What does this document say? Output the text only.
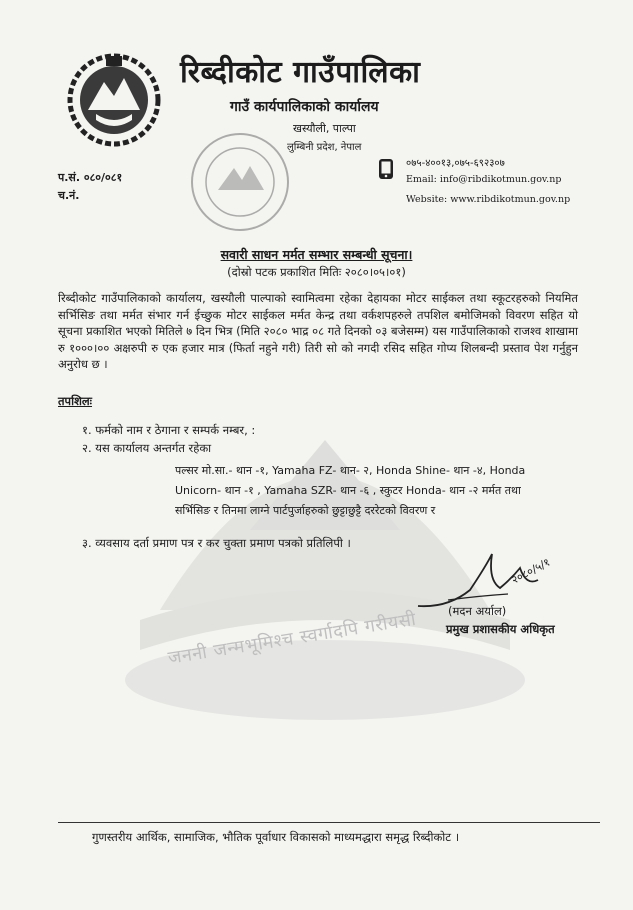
रिब्दीकोट गाउँपालिका
गाउँ कार्यपालिकाको कार्यालय
खस्यौली, पाल्पा
लुम्बिनी प्रदेश, नेपाल
०७५-४००१३,०७५-६९२३०७
Email: info@ribdikotmun.gov.np
Website: www.ribdikotmun.gov.np
प.सं. ०८०/०८१
च.नं.
सवारी साधन मर्मत सम्भार सम्बन्धी सूचना।
(दोस्रो पटक प्रकाशित मितिः २०८०।०५।०१)
रिब्दीकोट गाउँपालिकाको कार्यालय, खस्यौली पाल्पाको स्वामित्वमा रहेका देहायका मोटर साईकल तथा स्कूटरहरुको नियमित सर्भिसिङ तथा मर्मत संभार गर्न ईच्छुक मोटर साईकल मर्मत केन्द्र तथा वर्कशपहरुले तपशिल बमोजिमको विवरण सहित यो सूचना प्रकाशित भएको मितिले ७ दिन भित्र (मिति २०८० भाद्र ०८ गते दिनको ०३ बजेसम्म) यस गाउँपालिकाको राजश्व शाखामा रु १०००।०० अक्षरुपी रु एक हजार मात्र (फिर्ता नहुने गरी) तिरी सो को नगदी रसिद सहित गोप्य शिलबन्दी प्रस्ताव पेश गर्नुहुन अनुरोध छ ।
तपशिलः
१. फर्मको नाम र ठेगाना र सम्पर्क नम्बर, :
२. यस कार्यालय अन्तर्गत रहेका
पल्सर मो.सा.- थान -१, Yamaha FZ- थान- २, Honda Shine- थान -४, Honda Unicorn- थान -१ , Yamaha SZR- थान -६ , स्कुटर Honda- थान -२ मर्मत तथा सर्भिसिङ र तिनमा लाग्ने पार्टपुर्जाहरुको छुट्टाछुट्टै दररेटको विवरण र
३. व्यवसाय दर्ता प्रमाण पत्र र कर चुक्ता प्रमाण पत्रको प्रतिलिपी ।
२०८०/५/१
(मदन अर्याल)
प्रमुख प्रशासकीय अधिकृत
जननी जन्मभूमिश्च स्वर्गादपि गरीयसी
गुणस्तरीय आर्थिक, सामाजिक, भौतिक पूर्वाधार विकासको माध्यमद्धारा समृद्ध रिब्दीकोट ।
